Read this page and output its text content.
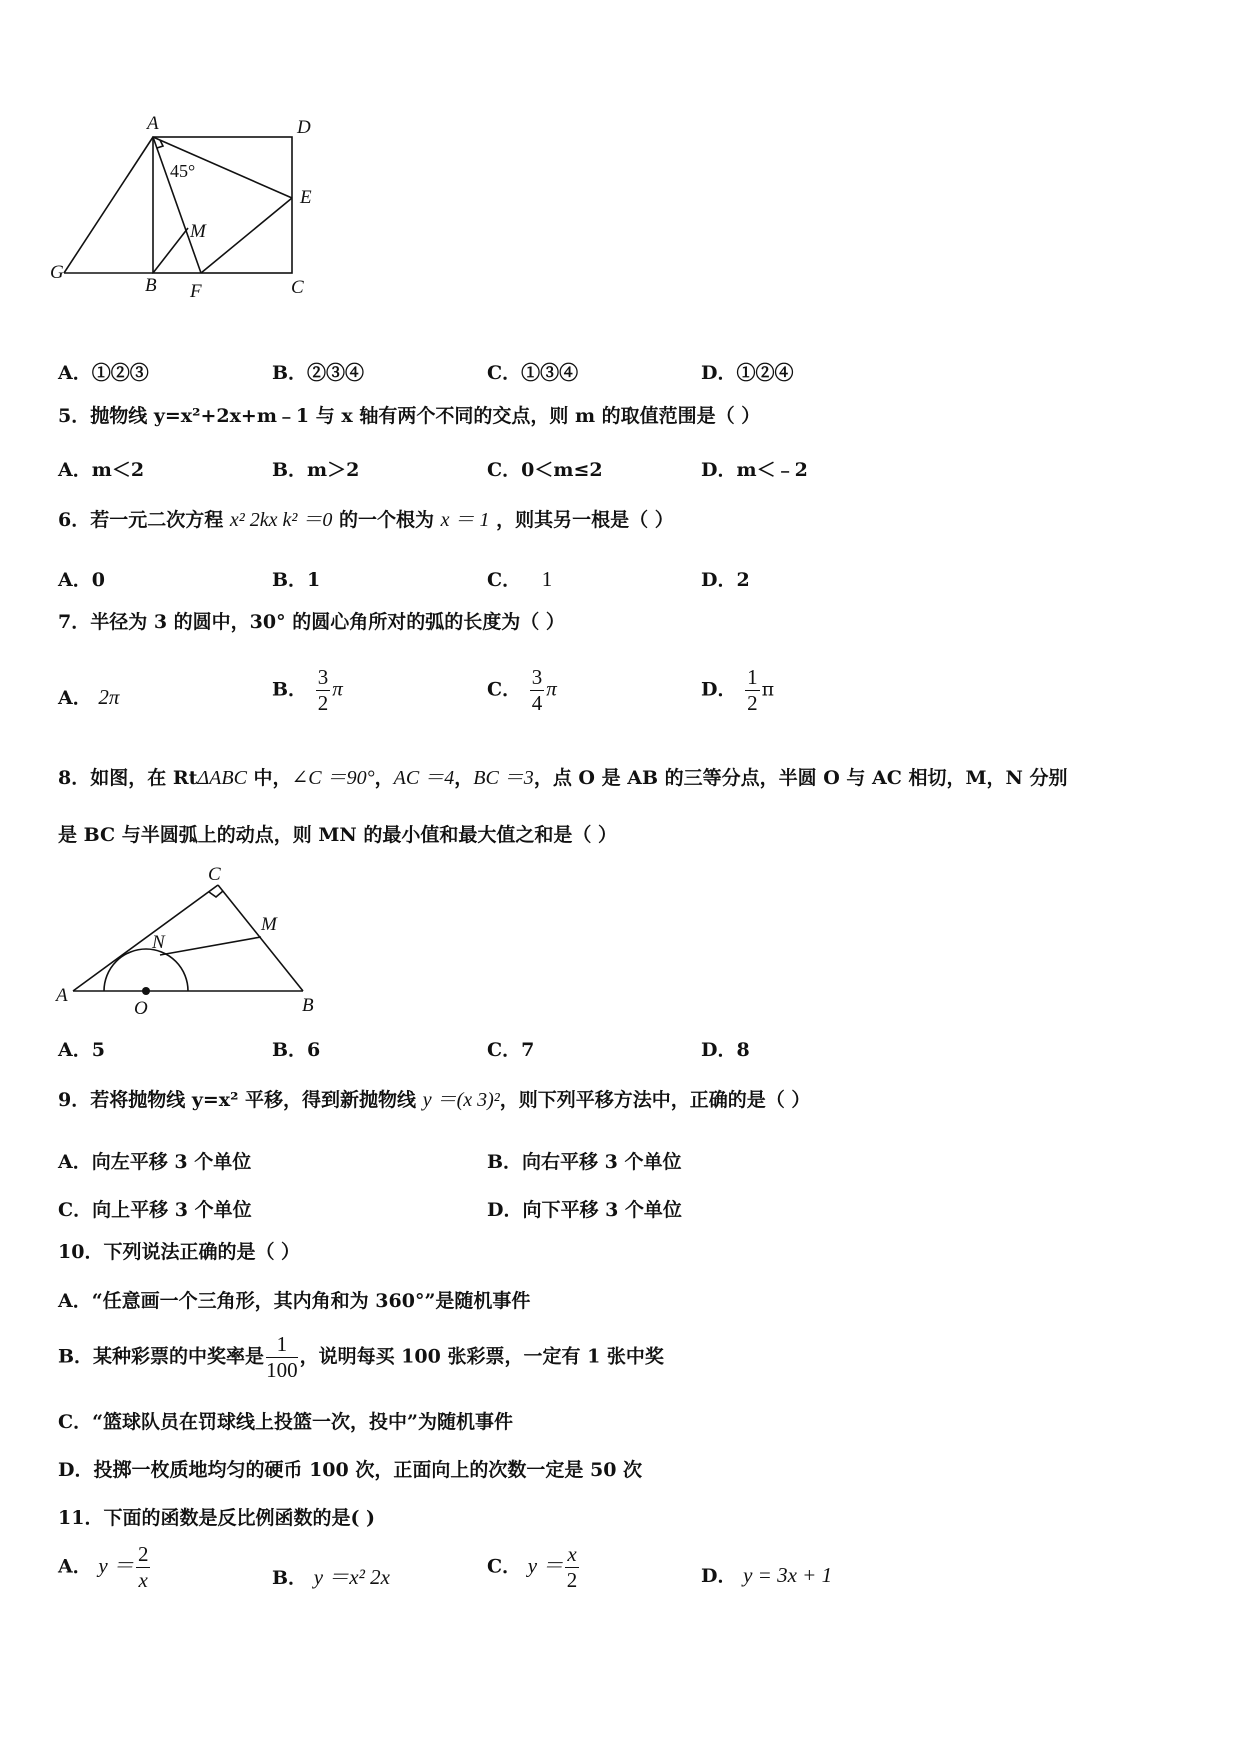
A	D
E
M
G
B F	C
45°
A．①②③	B．②③④	C．①③④	D．①②④
5．抛物线 y=x²+2x+m﹣1 与 x 轴有两个不同的交点，则 m 的取值范围是（ ）
A．m＜2	B．m＞2	C．0＜m≤2	D．m＜﹣2
6．若一元二次方程 x² 2kx k² ＝0 的一个根为 x ＝ 1 ，则其另一根是（ ）
A．0	B．1	C． 1	D．2
7．半径为 3 的圆中，30° 的圆心角所对的弧的长度为（ ）
A． 2π	B． $\frac{3}{2}$ π	C． $\frac{3}{4}$ π	D． $\frac{1}{2}$ π
8．如图，在 RtΔABC 中，∠C ＝90°，AC ＝4，BC ＝3，点 O 是 AB 的三等分点，半圆 O 与 AC 相切，M，N 分别
是 BC 与半圆弧上的动点，则 MN 的最小值和最大值之和是（ ）
C
M
N
A
O	B
A．5	B．6	C．7	D．8
9．若将抛物线 y=x² 平移，得到新抛物线 y ＝(x 3)²，则下列平移方法中，正确的是（ ）
A．向左平移 3 个单位	B．向右平移 3 个单位
C．向上平移 3 个单位	D．向下平移 3 个单位
10．下列说法正确的是（ ）
A．“任意画一个三角形，其内角和为 360°”是随机事件
B．某种彩票的中奖率是 $\frac{1}{100}$ ，说明每买 100 张彩票，一定有 1 张中奖
C．“篮球队员在罚球线上投篮一次，投中”为随机事件
D．投掷一枚质地均匀的硬币 100 次，正面向上的次数一定是 50 次
11．下面的函数是反比例函数的是( )
A． $y = \frac{2}{x}$	B． y ＝x² 2x	C． $y = \frac{x}{2}$	D． y = 3x + 1
